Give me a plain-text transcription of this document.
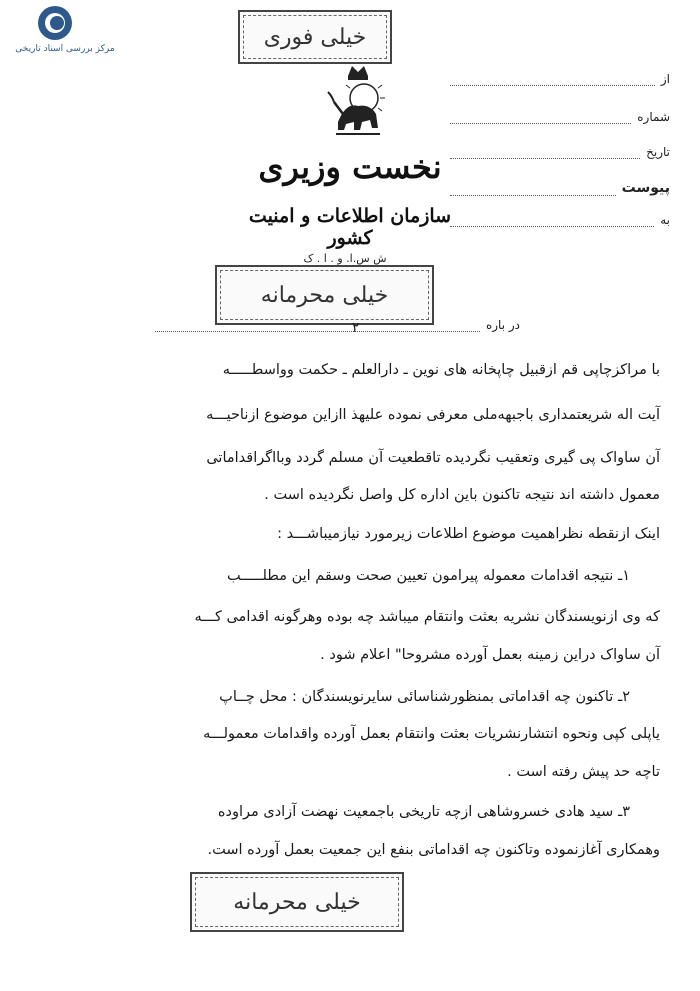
مرکز بررسی اسناد تاریخی	خیلی فوری
نخست وزیری
سازمان اطلاعات و امنیت کشور
ش س.ا. و . ا . ک
خیلی محرمانه
از
شماره
تاریخ
پیوست
به
در باره
۲
با مراکزچاپی قم ازقبیل چاپخانه های نوین ـ دارالعلم ـ حکمت وواسطـــــه
آیت اله شریعتمداری باجبهه‌ملی معرفی نموده علیهذ اازاین موضوع ازناحیـــه
آن ساواک پی گیری وتعقیب نگردیده تاقطعیت آن مسلم گردد وبااگراقداماتی
معمول داشته اند نتیجه تاکنون باین اداره کل واصل نگردیده است .
اینک ازنقطه نظراهمیت موضوع اطلاعات زیرمورد نیازمیباشـــد :
۱ـ نتیجه اقدامات معموله پیرامون تعیین صحت وسقم این مطلـــــب
که وی ازنویسندگان نشریه بعثت وانتقام میباشد چه بوده وهرگونه اقدامی کـــه
آن ساواک دراین زمینه بعمل آورده مشروحا" اعلام شود .
۲ـ تاکنون چه اقداماتی بمنظورشناسائی سایرنویسندگان : محل چــاپ
یاپلی کپی ونحوه انتشارنشریات بعثت وانتقام بعمل آورده واقدامات معمولـــه
تاچه حد پیش رفته است .
۳ـ سید هادی خسروشاهی ازچه تاریخی باجمعیت نهضت آزادی مراوده
وهمکاری آغازنموده وتاکنون چه اقداماتی بنفع این جمعیت بعمل آورده است.
خیلی محرمانه
